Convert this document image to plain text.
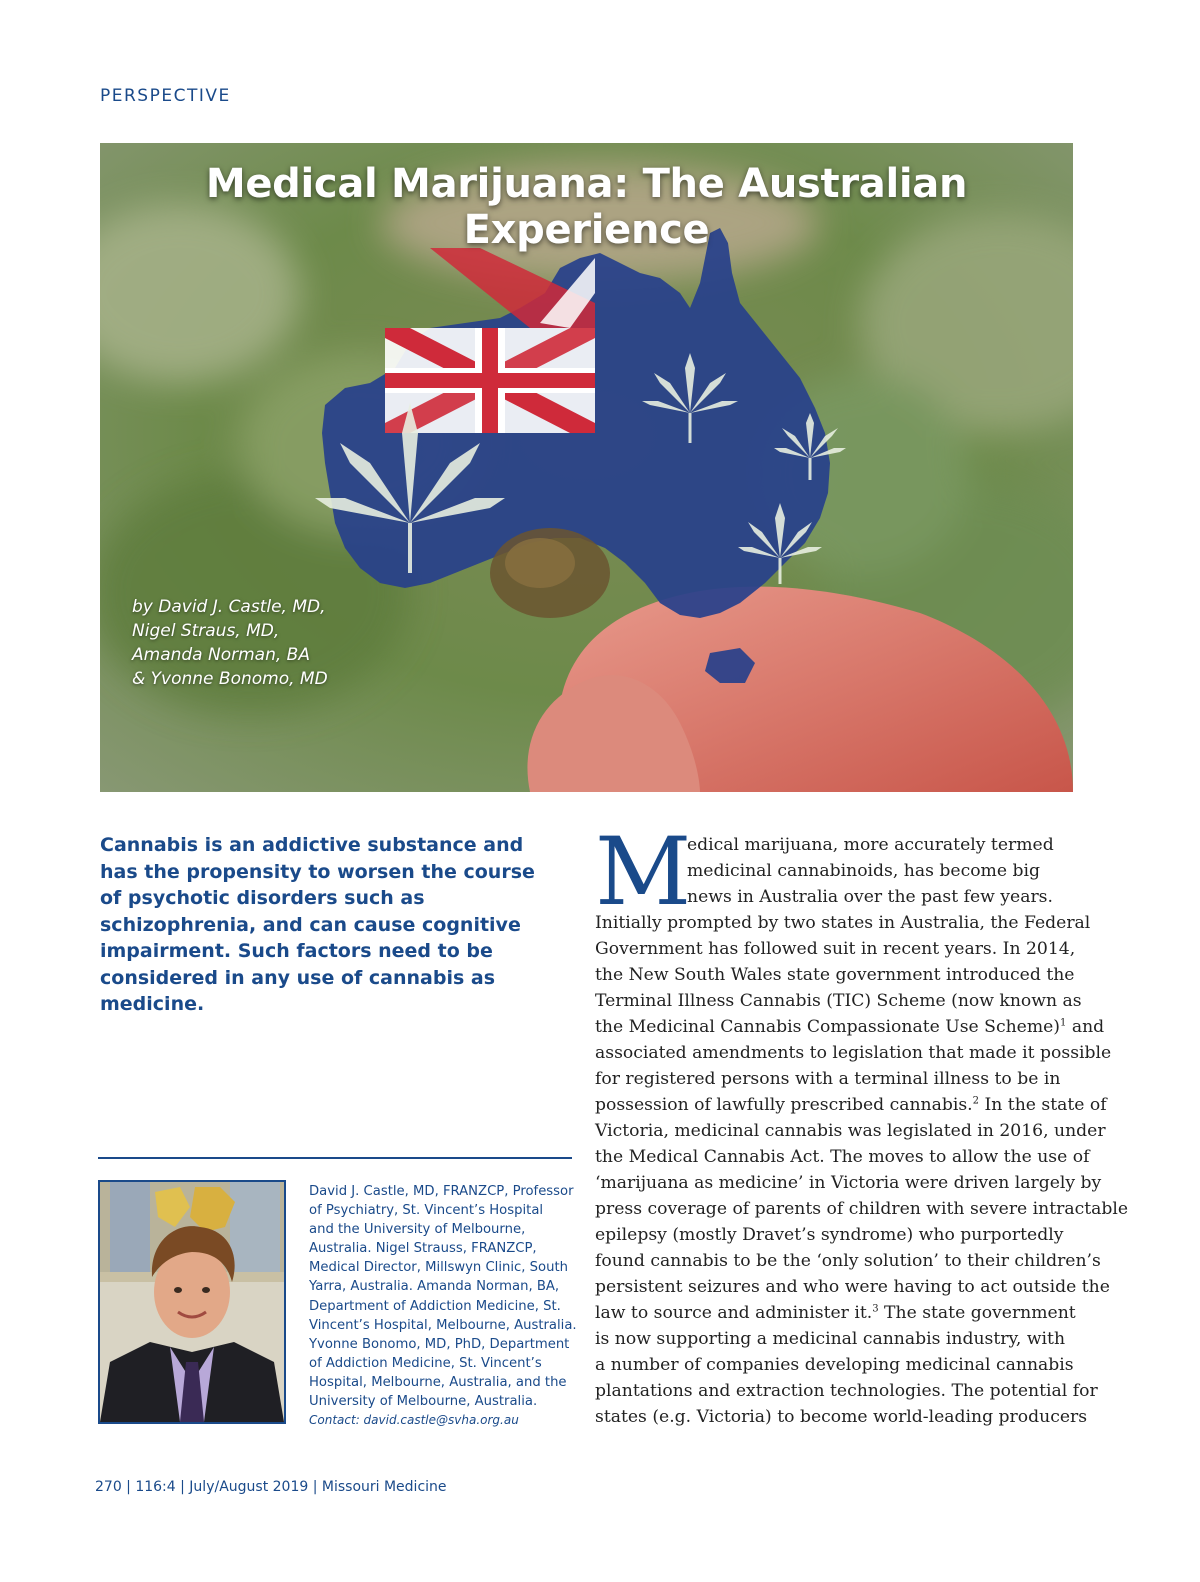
PERSPECTIVE
Medical Marijuana: The Australian Experience
by David J. Castle, MD,
Nigel Straus, MD,
Amanda Norman, BA
& Yvonne Bonomo, MD
Cannabis is an addictive substance and has the propensity to worsen the course of psychotic disorders such as schizophrenia, and can cause cognitive impairment. Such factors need to be considered in any use of cannabis as medicine.
David J. Castle, MD, FRANZCP, Professor
of Psychiatry, St. Vincent’s Hospital
and the University of Melbourne,
Australia. Nigel Strauss, FRANZCP,
Medical Director, Millswyn Clinic, South
Yarra, Australia. Amanda Norman, BA,
Department of Addiction Medicine, St.
Vincent’s Hospital, Melbourne, Australia.
Yvonne Bonomo, MD, PhD, Department
of Addiction Medicine, St. Vincent’s
Hospital, Melbourne, Australia, and the
University of Melbourne, Australia.
Contact: david.castle@svha.org.au
M
edical marijuana, more accurately termed
medicinal cannabinoids, has become big
news in Australia over the past few years.
Initially prompted by two states in Australia, the Federal
Government has followed suit in recent years. In 2014,
the New South Wales state government introduced the
Terminal Illness Cannabis (TIC) Scheme (now known as
the Medicinal Cannabis Compassionate Use Scheme)$^1$ and
associated amendments to legislation that made it possible
for registered persons with a terminal illness to be in
possession of lawfully prescribed cannabis.$^2$ In the state of
Victoria, medicinal cannabis was legislated in 2016, under
the Medical Cannabis Act. The moves to allow the use of
‘marijuana as medicine’ in Victoria were driven largely by
press coverage of parents of children with severe intractable
epilepsy (mostly Dravet’s syndrome) who purportedly
found cannabis to be the ‘only solution’ to their children’s
persistent seizures and who were having to act outside the
law to source and administer it.$^3$ The state government
is now supporting a medicinal cannabis industry, with
a number of companies developing medicinal cannabis
plantations and extraction technologies. The potential for
states (e.g. Victoria) to become world-leading producers
270 | 116:4 | July/August 2019 | Missouri Medicine
